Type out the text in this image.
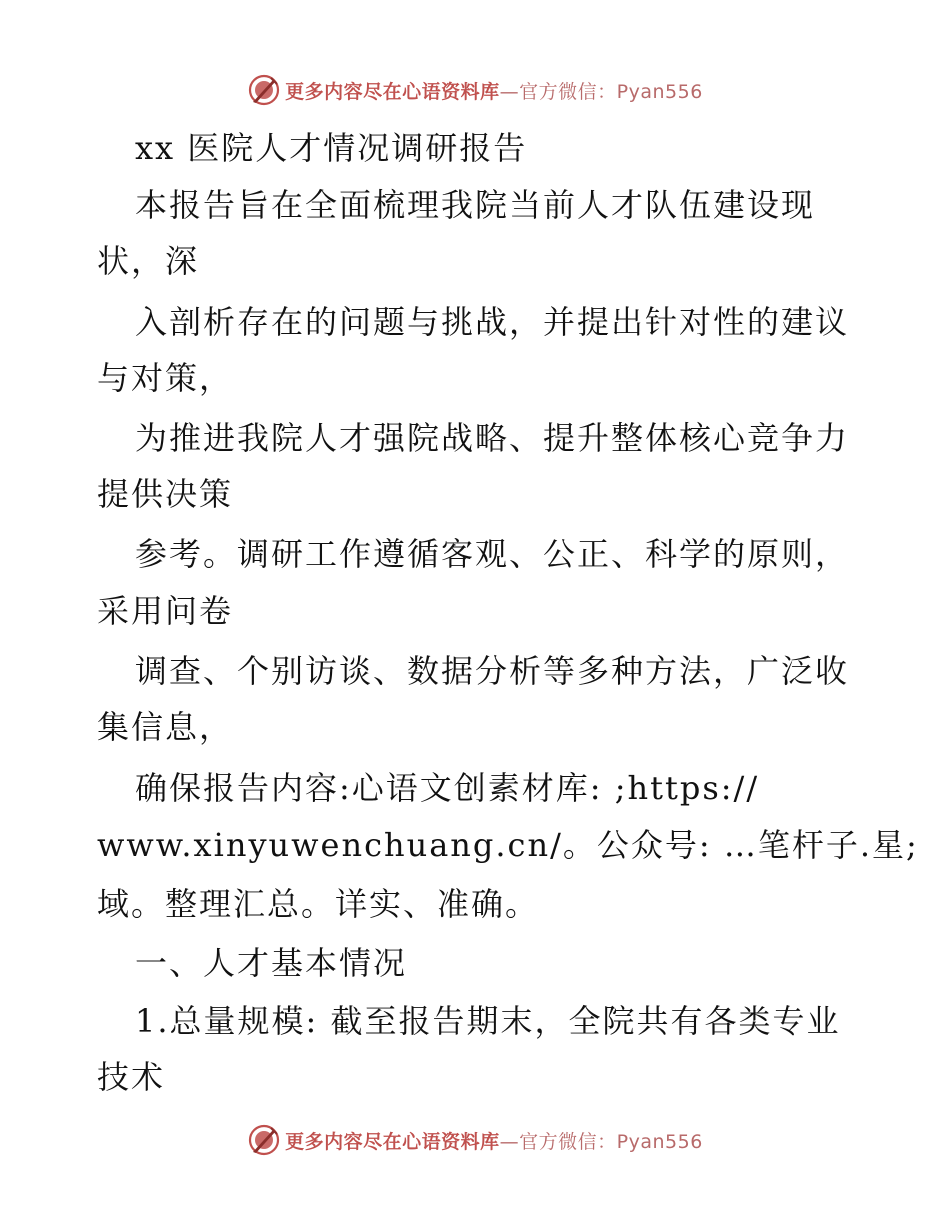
更多内容尽在心语资料库—官方微信：Pyan556
xx 医院人才情况调研报告
本报告旨在全面梳理我院当前人才队伍建设现
状，深
入剖析存在的问题与挑战，并提出针对性的建议
与对策，
为推进我院人才强院战略、提升整体核心竞争力
提供决策
参考。调研工作遵循客观、公正、科学的原则，
采用问卷
调查、个别访谈、数据分析等多种方法，广泛收
集信息，
确保报告内容:心语文创素材库: ;https://
www.xinyuwenchuang.cn/。公众号: …笔杆子.星;
域。整理汇总。详实、准确。
一、人才基本情况
1.总量规模: 截至报告期末，全院共有各类专业
技术
更多内容尽在心语资料库—官方微信：Pyan556
